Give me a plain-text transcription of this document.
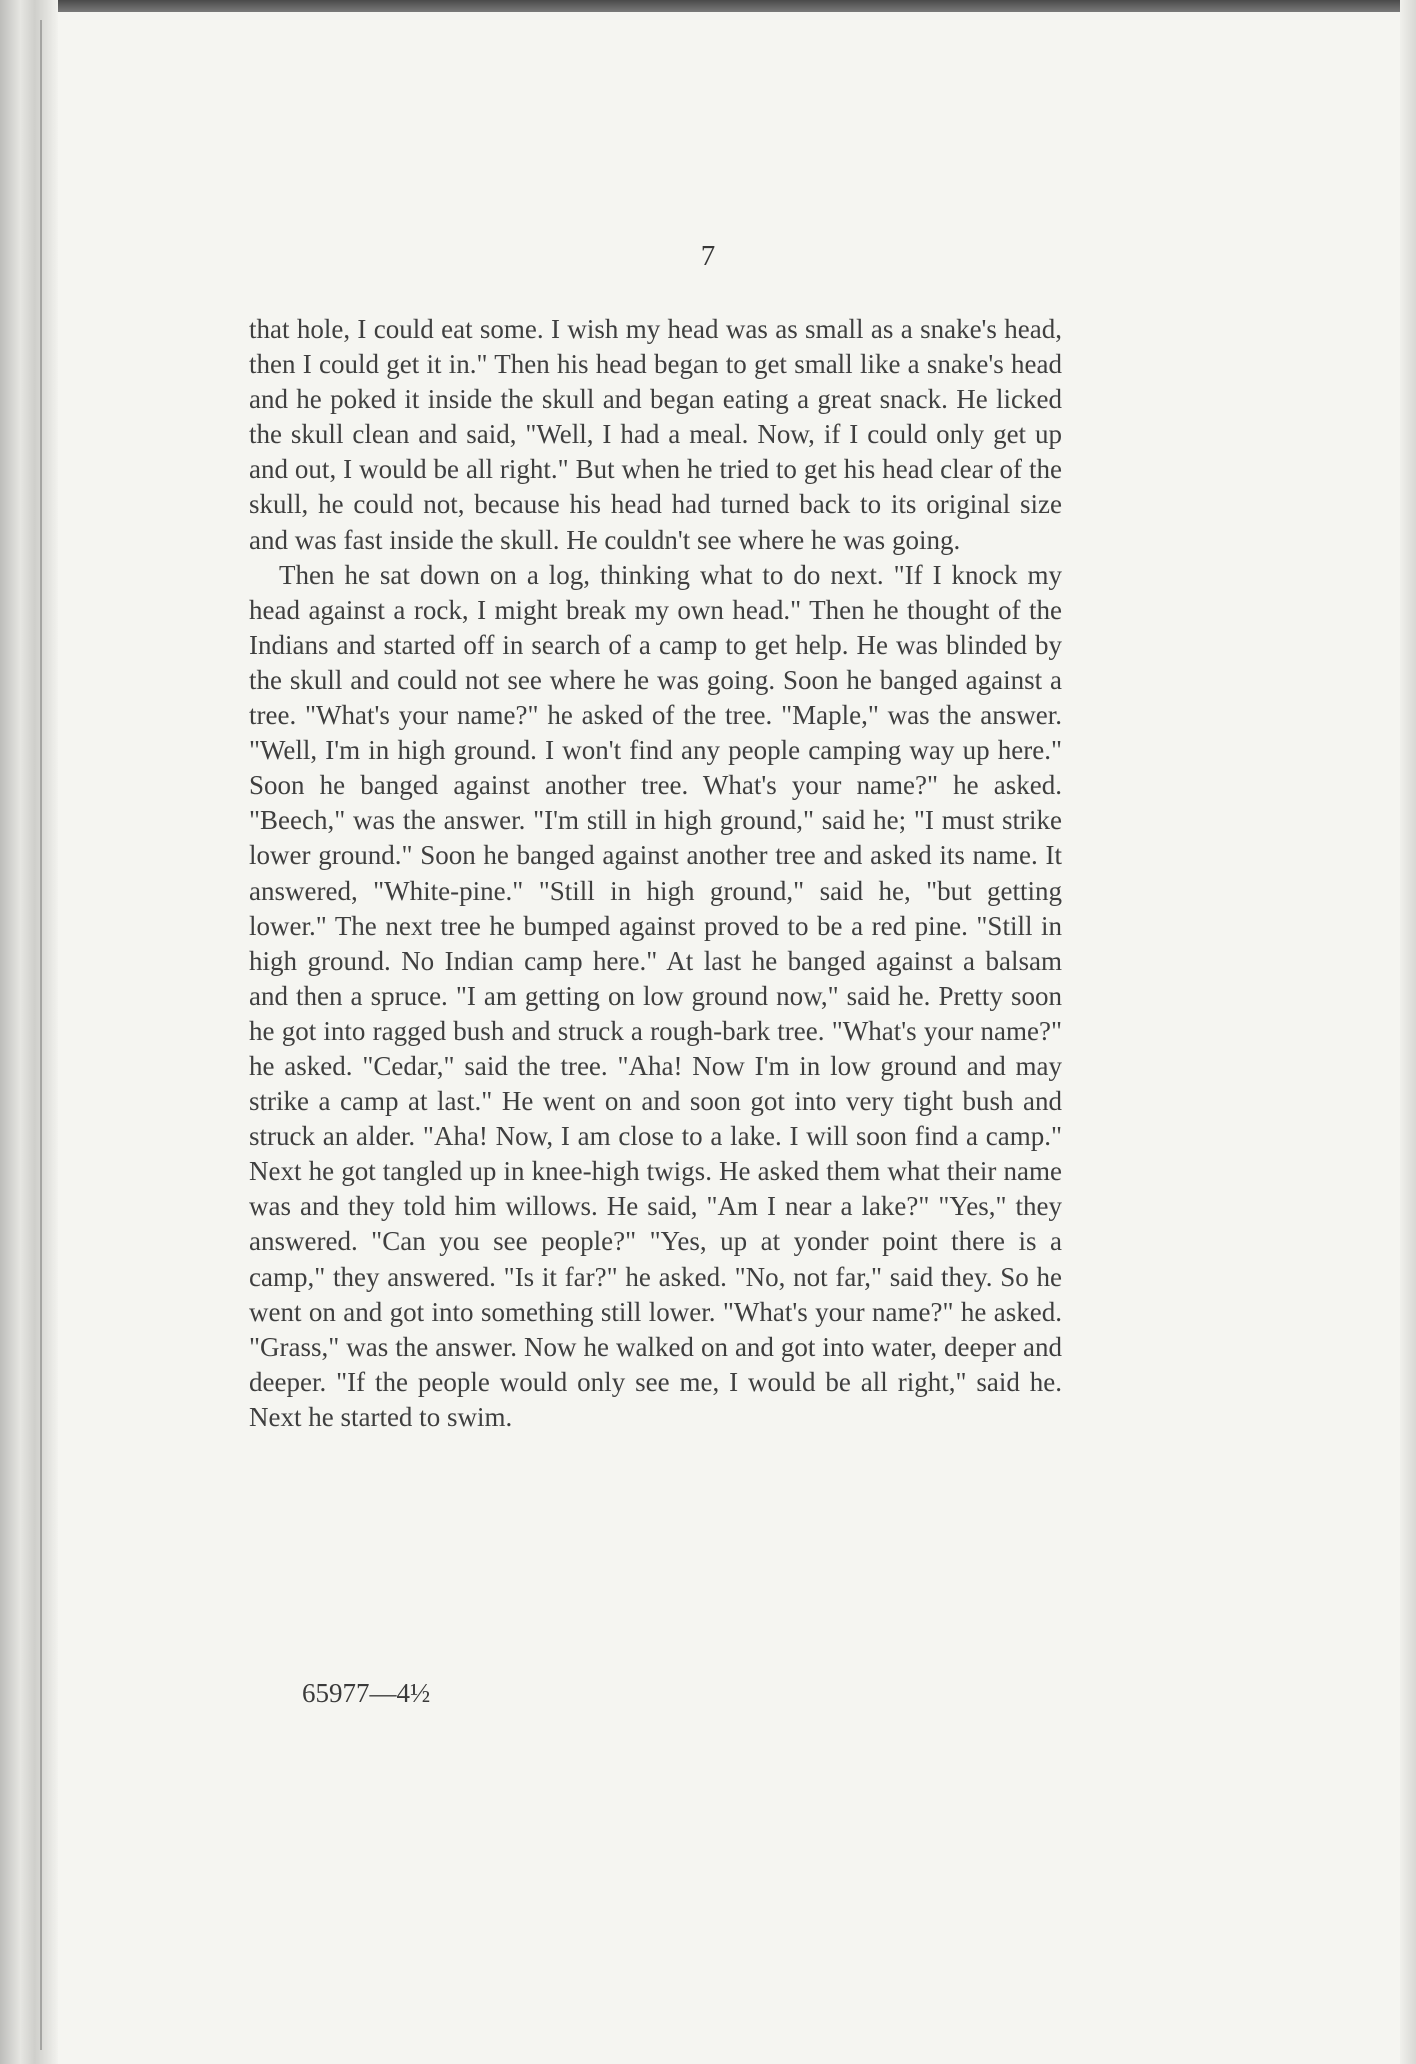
7

that hole, I could eat some. I wish my head was as small as a snake's head, then I could get it in." Then his head began to get small like a snake's head and he poked it inside the skull and began eating a great snack. He licked the skull clean and said, "Well, I had a meal. Now, if I could only get up and out, I would be all right." But when he tried to get his head clear of the skull, he could not, because his head had turned back to its original size and was fast inside the skull. He couldn't see where he was going.

Then he sat down on a log, thinking what to do next. "If I knock my head against a rock, I might break my own head." Then he thought of the Indians and started off in search of a camp to get help. He was blinded by the skull and could not see where he was going. Soon he banged against a tree. "What's your name?" he asked of the tree. "Maple," was the answer. "Well, I'm in high ground. I won't find any people camping way up here." Soon he banged against another tree. What's your name?" he asked. "Beech," was the answer. "I'm still in high ground," said he; "I must strike lower ground." Soon he banged against another tree and asked its name. It answered, "White-pine." "Still in high ground," said he, "but getting lower." The next tree he bumped against proved to be a red pine. "Still in high ground. No Indian camp here." At last he banged against a balsam and then a spruce. "I am getting on low ground now," said he. Pretty soon he got into ragged bush and struck a rough-bark tree. "What's your name?" he asked. "Cedar," said the tree. "Aha! Now I'm in low ground and may strike a camp at last." He went on and soon got into very tight bush and struck an alder. "Aha! Now, I am close to a lake. I will soon find a camp." Next he got tangled up in knee-high twigs. He asked them what their name was and they told him willows. He said, "Am I near a lake?" "Yes," they answered. "Can you see people?" "Yes, up at yonder point there is a camp," they answered. "Is it far?" he asked. "No, not far," said they. So he went on and got into something still lower. "What's your name?" he asked. "Grass," was the answer. Now he walked on and got into water, deeper and deeper. "If the people would only see me, I would be all right," said he. Next he started to swim.

65977—4½
